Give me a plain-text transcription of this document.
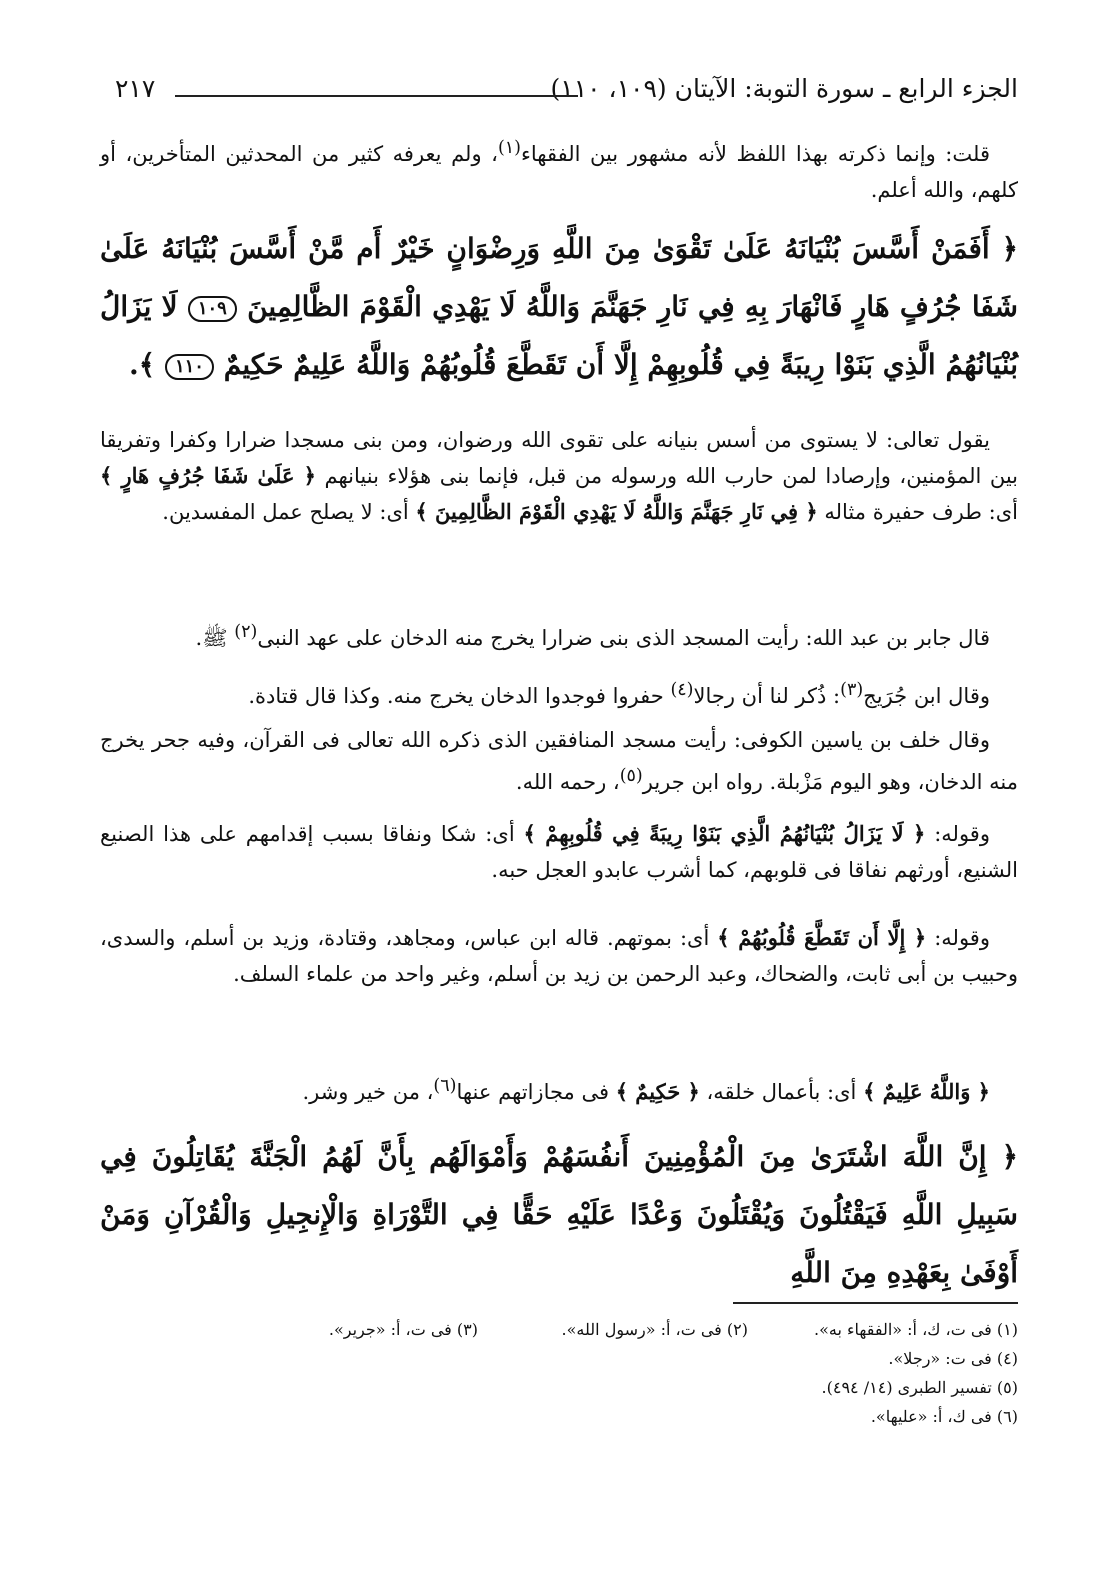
الجزء الرابع ـ سورة التوبة: الآيتان (١٠٩، ١١٠)
٢١٧

قلت: وإنما ذكرته بهذا اللفظ لأنه مشهور بين الفقهاء$^{(١)}$، ولم يعرفه كثير من المحدثين المتأخرين، أو كلهم، والله أعلم.

﴿ أَفَمَنْ أَسَّسَ بُنْيَانَهُ عَلَىٰ تَقْوَىٰ مِنَ اللَّهِ وَرِضْوَانٍ خَيْرٌ أَم مَّنْ أَسَّسَ بُنْيَانَهُ عَلَىٰ شَفَا جُرُفٍ هَارٍ فَانْهَارَ بِهِ فِي نَارِ جَهَنَّمَ وَاللَّهُ لَا يَهْدِي الْقَوْمَ الظَّالِمِينَ ١٠٩ لَا يَزَالُ بُنْيَانُهُمُ الَّذِي بَنَوْا رِيبَةً فِي قُلُوبِهِمْ إِلَّا أَن تَقَطَّعَ قُلُوبُهُمْ وَاللَّهُ عَلِيمٌ حَكِيمٌ ١١٠ ﴾.

يقول تعالى: لا يستوى من أسس بنيانه على تقوى الله ورضوان، ومن بنى مسجدا ضرارا وكفرا وتفريقا بين المؤمنين، وإرصادا لمن حارب الله ورسوله من قبل، فإنما بنى هؤلاء بنيانهم ﴿ عَلَىٰ شَفَا جُرُفٍ هَارٍ ﴾ أى: طرف حفيرة مثاله ﴿ فِي نَارِ جَهَنَّمَ وَاللَّهُ لَا يَهْدِي الْقَوْمَ الظَّالِمِينَ ﴾ أى: لا يصلح عمل المفسدين.

قال جابر بن عبد الله: رأيت المسجد الذى بنى ضرارا يخرج منه الدخان على عهد النبى$^{(٢)}$ ﷺ.

وقال ابن جُرَيج$^{(٣)}$: ذُكر لنا أن رجالا$^{(٤)}$ حفروا فوجدوا الدخان يخرج منه. وكذا قال قتادة.

وقال خلف بن ياسين الكوفى: رأيت مسجد المنافقين الذى ذكره الله تعالى فى القرآن، وفيه جحر يخرج منه الدخان، وهو اليوم مَزْبلة. رواه ابن جرير$^{(٥)}$، رحمه الله.

وقوله: ﴿ لَا يَزَالُ بُنْيَانُهُمُ الَّذِي بَنَوْا رِيبَةً فِي قُلُوبِهِمْ ﴾ أى: شكا ونفاقا بسبب إقدامهم على هذا الصنيع الشنيع، أورثهم نفاقا فى قلوبهم، كما أشرب عابدو العجل حبه.

وقوله: ﴿ إِلَّا أَن تَقَطَّعَ قُلُوبُهُمْ ﴾ أى: بموتهم. قاله ابن عباس، ومجاهد، وقتادة، وزيد بن أسلم، والسدى، وحبيب بن أبى ثابت، والضحاك، وعبد الرحمن بن زيد بن أسلم، وغير واحد من علماء السلف.

﴿ وَاللَّهُ عَلِيمٌ ﴾ أى: بأعمال خلقه، ﴿ حَكِيمٌ ﴾ فى مجازاتهم عنها$^{(٦)}$، من خير وشر.

﴿ إِنَّ اللَّهَ اشْتَرَىٰ مِنَ الْمُؤْمِنِينَ أَنفُسَهُمْ وَأَمْوَالَهُم بِأَنَّ لَهُمُ الْجَنَّةَ يُقَاتِلُونَ فِي سَبِيلِ اللَّهِ فَيَقْتُلُونَ وَيُقْتَلُونَ وَعْدًا عَلَيْهِ حَقًّا فِي التَّوْرَاةِ وَالْإِنجِيلِ وَالْقُرْآنِ وَمَنْ أَوْفَىٰ بِعَهْدِهِ مِنَ اللَّهِ

(١) فى ت، ك، أ: «الفقهاء به».
(٢) فى ت، أ: «رسول الله».
(٣) فى ت، أ: «جرير».
(٤) فى ت: «رجلا».
(٥) تفسير الطبرى (١٤/ ٤٩٤).
(٦) فى ك، أ: «عليها».
